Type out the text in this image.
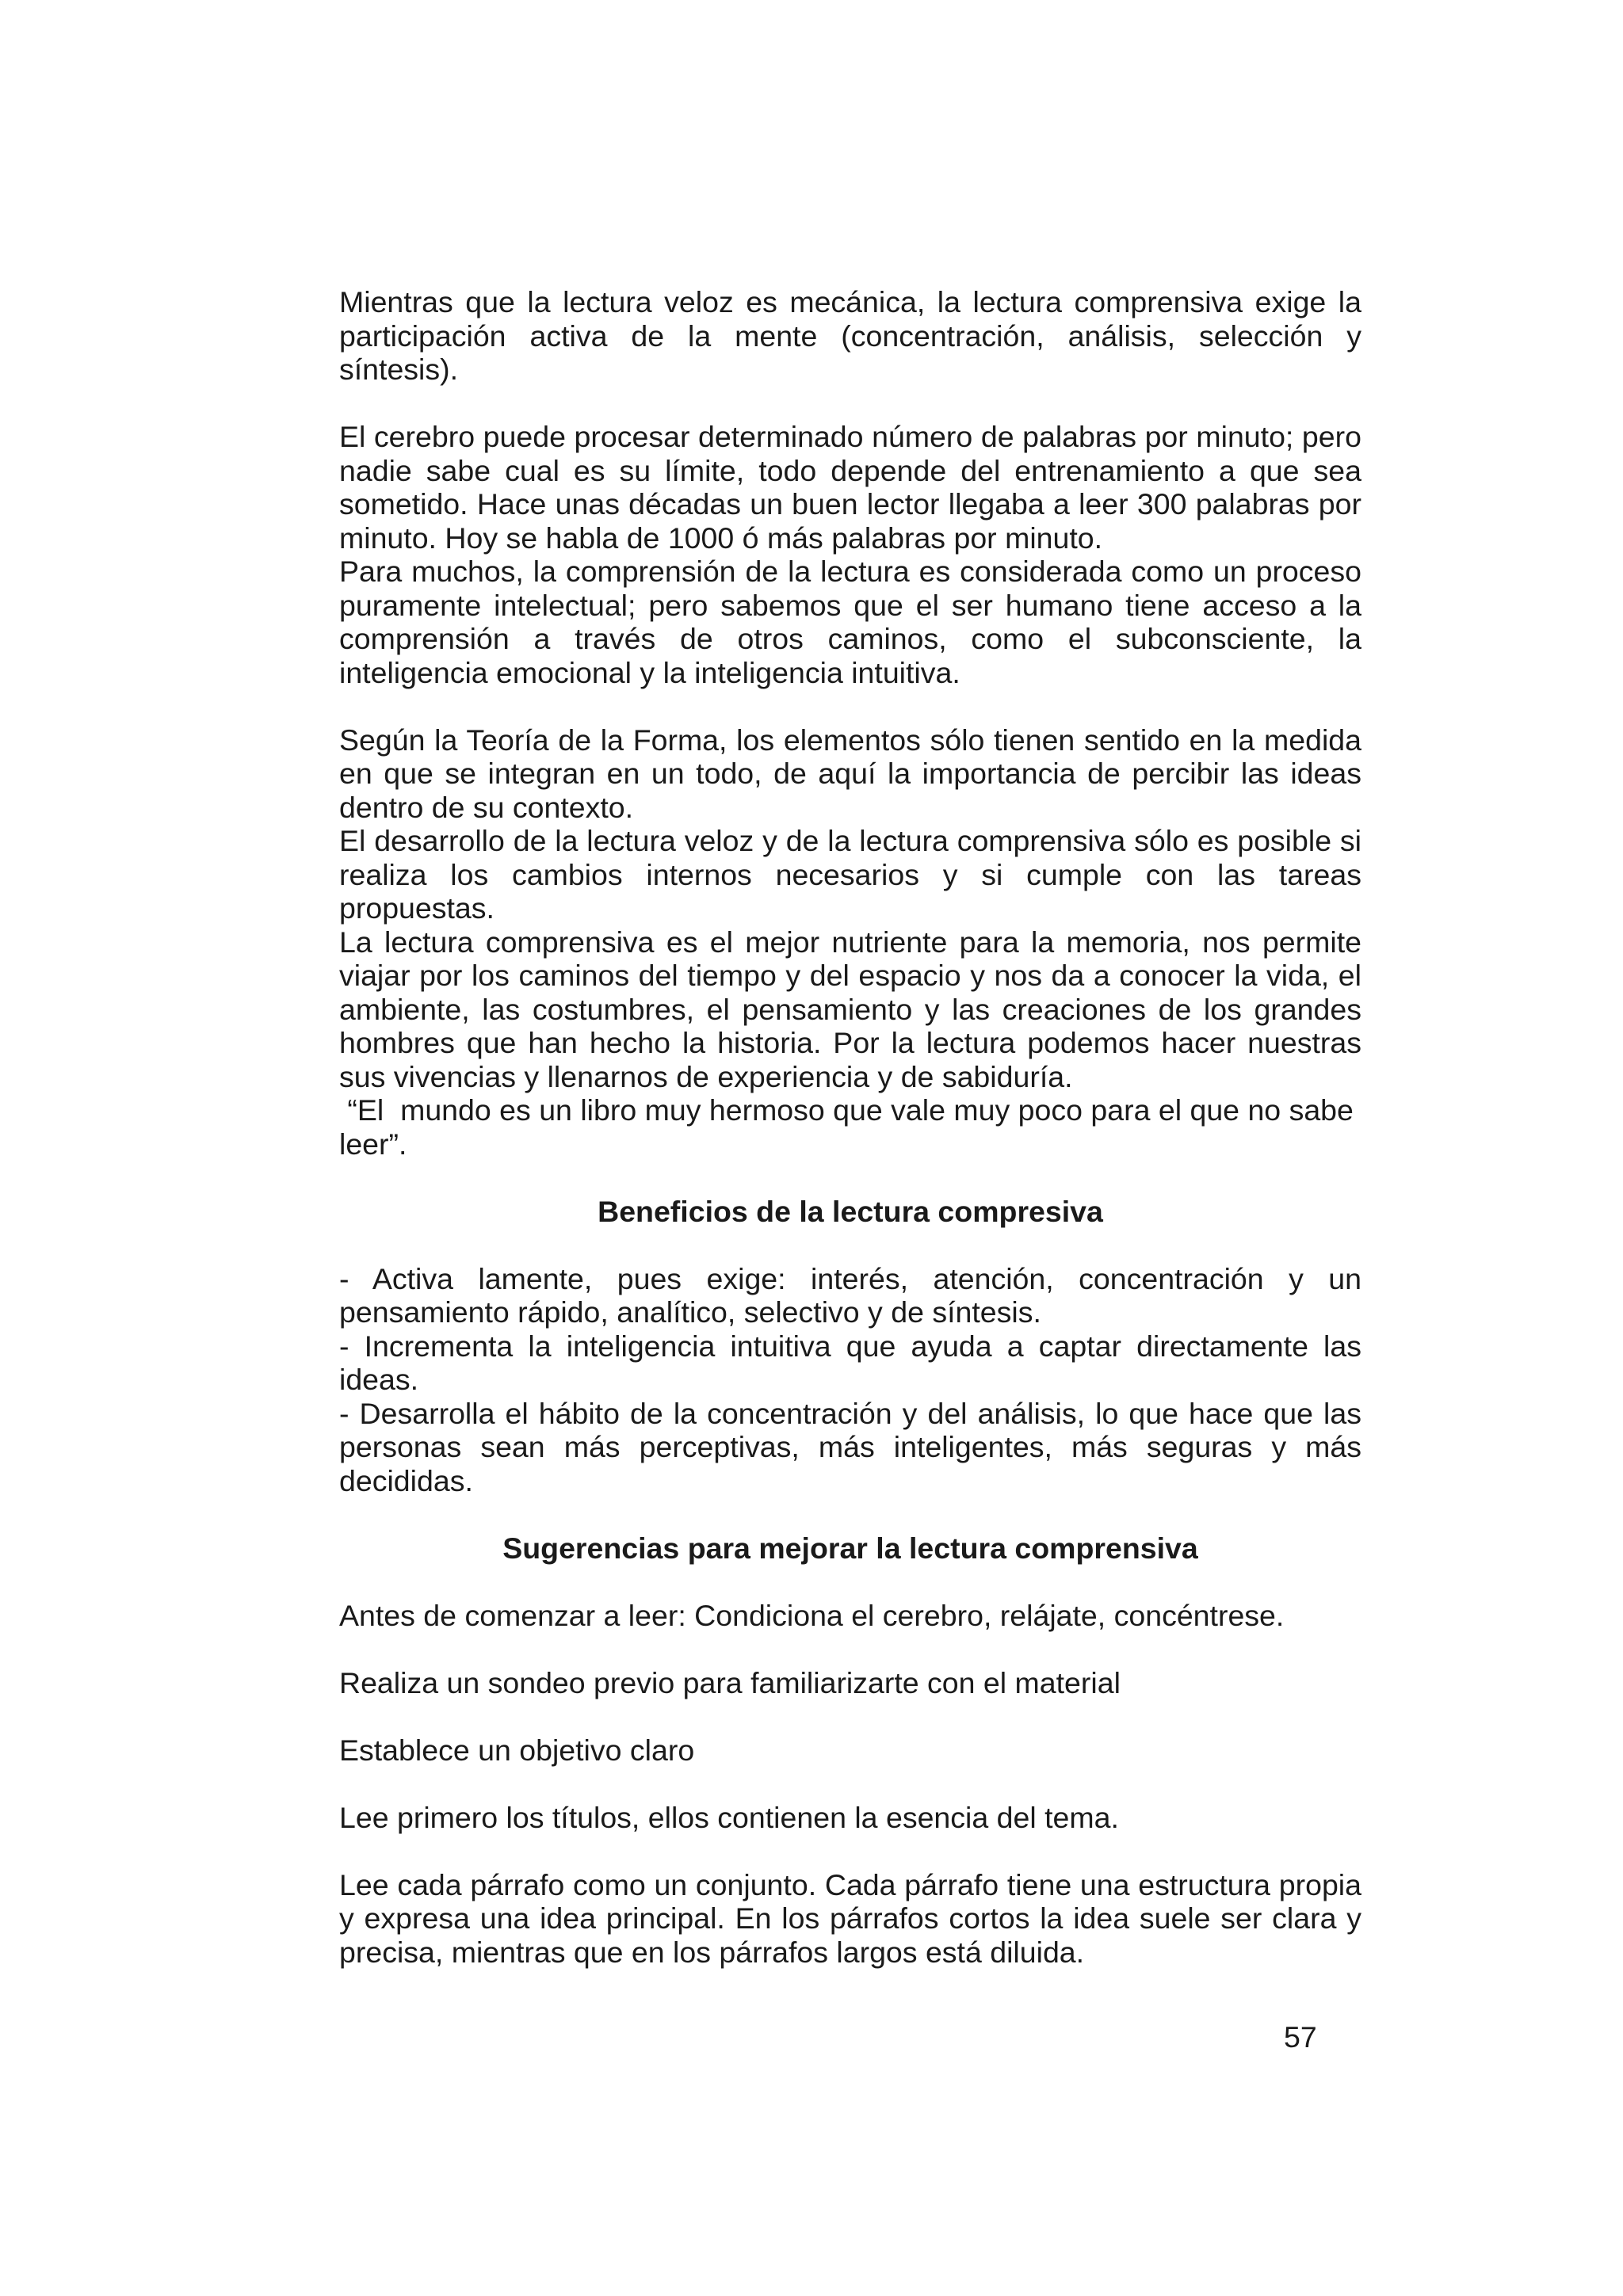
Mientras que la lectura veloz es mecánica, la lectura comprensiva exige la participación activa de la mente (concentración, análisis, selección y síntesis).

El cerebro puede procesar determinado número de palabras por minuto; pero nadie sabe cual es su límite, todo depende del entrenamiento a que sea sometido. Hace unas décadas un buen lector llegaba a leer 300 palabras por minuto. Hoy se habla de 1000 ó más palabras por minuto.

Para muchos, la comprensión de la lectura es considerada como un proceso puramente intelectual; pero sabemos que el ser humano tiene acceso a la comprensión a través de otros caminos, como el subconsciente, la inteligencia emocional y la inteligencia intuitiva.

Según la Teoría de la Forma, los elementos sólo tienen sentido en la medida en que se integran en un todo, de aquí la importancia de percibir las ideas dentro de su contexto.

El desarrollo de la lectura veloz y de la lectura comprensiva sólo es posible si realiza los cambios internos necesarios y si cumple con las tareas propuestas.

La lectura comprensiva es el mejor nutriente para la memoria, nos permite viajar por los caminos del tiempo y del espacio y nos da a conocer la vida, el ambiente, las costumbres, el pensamiento y las creaciones de los grandes hombres que han hecho la historia. Por la lectura podemos hacer nuestras sus vivencias y llenarnos de experiencia y de sabiduría.

“El  mundo es un libro muy hermoso que vale muy poco para el que no sabe leer”.

Beneficios de la lectura compresiva

- Activa lamente, pues exige: interés, atención, concentración y un pensamiento rápido, analítico, selectivo y de síntesis.

- Incrementa la inteligencia intuitiva que ayuda a captar directamente las ideas.

- Desarrolla el hábito de la concentración y del análisis, lo que hace que las personas sean más perceptivas, más inteligentes, más seguras y más decididas.

Sugerencias para mejorar la lectura comprensiva

Antes de comenzar a leer: Condiciona el cerebro, relájate, concéntrese.

Realiza un sondeo previo para familiarizarte con el material

Establece un objetivo claro

Lee primero los títulos, ellos contienen la esencia del tema.

Lee cada párrafo como un conjunto. Cada párrafo tiene una estructura propia y expresa una idea principal. En los párrafos cortos la idea suele ser clara y precisa, mientras que en los párrafos largos está diluida.

57
